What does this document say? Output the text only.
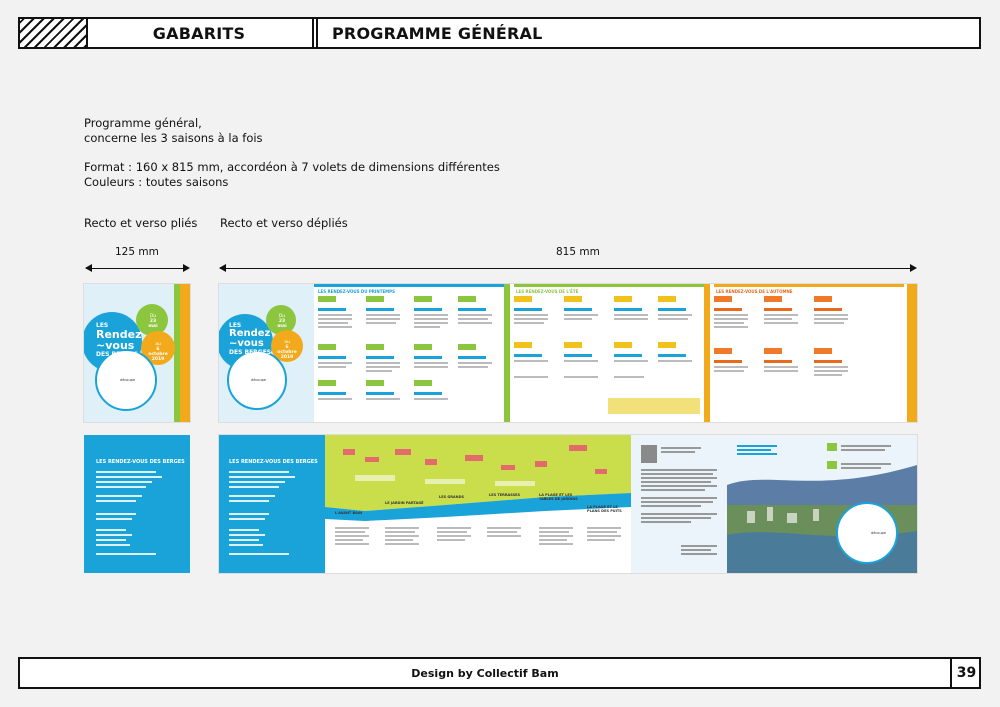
GABARITS	PROGRAMME GÉNÉRAL
Programme général,
concerne les 3 saisons à la fois
Format : 160 x 815 mm, accordéon à 7 volets de dimensions différentes
Couleurs : toutes saisons
Recto et verso pliés Recto et verso dépliés
125 mm	815 mm
LES
Rendez
~vous
DES BERGES
Du
23 mai
au
6 octobre
2019
découpe
LES
Rendez
~vous
DES BERGES
Du
23 mai
au
6 octobre
2019
découpe
LES RENDEZ-VOUS DU PRINTEMPS	LES RENDEZ-VOUS DE L'ÉTÉ	LES RENDEZ-VOUS DE L'AUTOMNE
LES RENDEZ-VOUS DES BERGES	LES RENDEZ-VOUS DES BERGES
L'AVANT BAIN
LE JARDIN PARTAGÉ
LES GRANDS	LES TERRASSES	LA PLAGE ET LES TABLES DE JARDINS
LA PLAGE ET LE PLANS DES PUITS
découpe
Design by Collectif Bam	39
